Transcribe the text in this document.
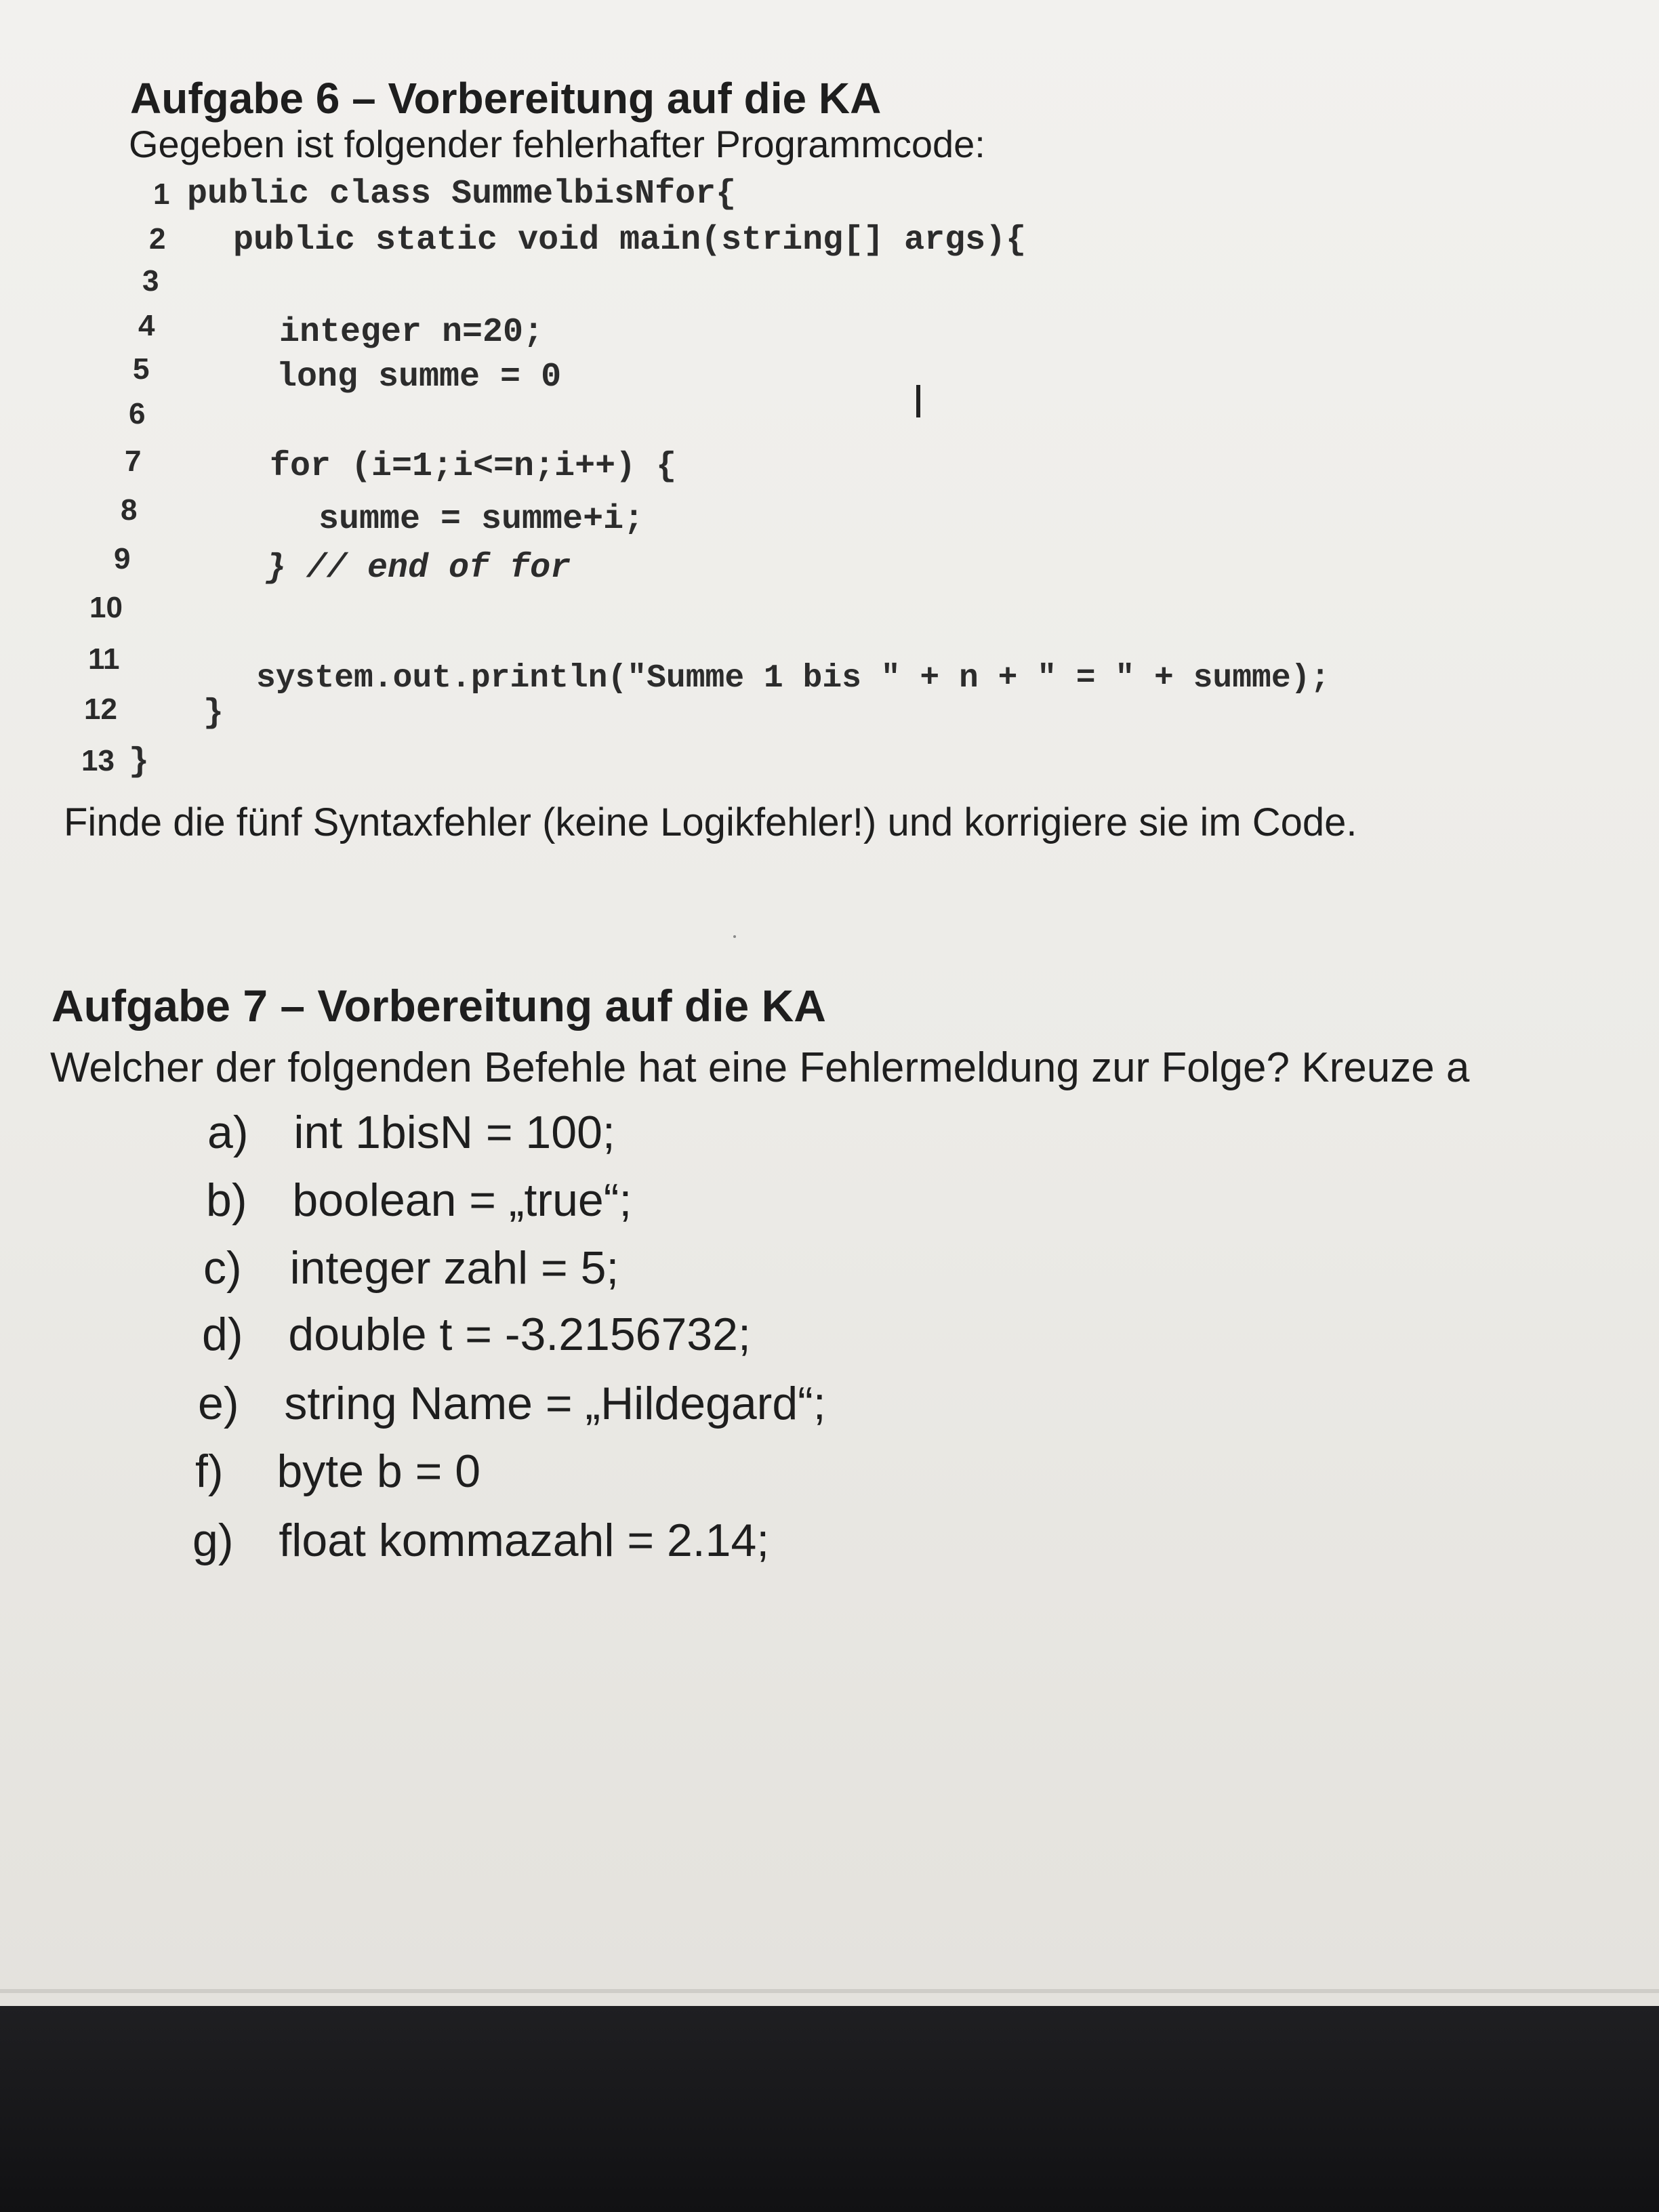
Aufgabe 6 – Vorbereitung auf die KA
Gegeben ist folgender fehlerhafter Programmcode:
1 public class SummelbisNfor{
2 public static void main(string[] args){
3
4	integer n=20;
5	long summe = 0
6
7	for (i=1;i<=n;i++) {
8	summe = summe+i;
9	} // end of for
10
11
system.out.println("Summe 1 bis " + n + " = " + summe);
12	}
13 }
Finde die fünf Syntaxfehler (keine Logikfehler!) und korrigiere sie im Code.
Aufgabe 7 – Vorbereitung auf die KA
Welcher der folgenden Befehle hat eine Fehlermeldung zur Folge? Kreuze a
a) int 1bisN = 100;
b) boolean = „true“;
c) integer zahl = 5;
d) double t = -3.2156732;
e) string Name = „Hildegard“;
f) byte b = 0
g) float kommazahl = 2.14;
